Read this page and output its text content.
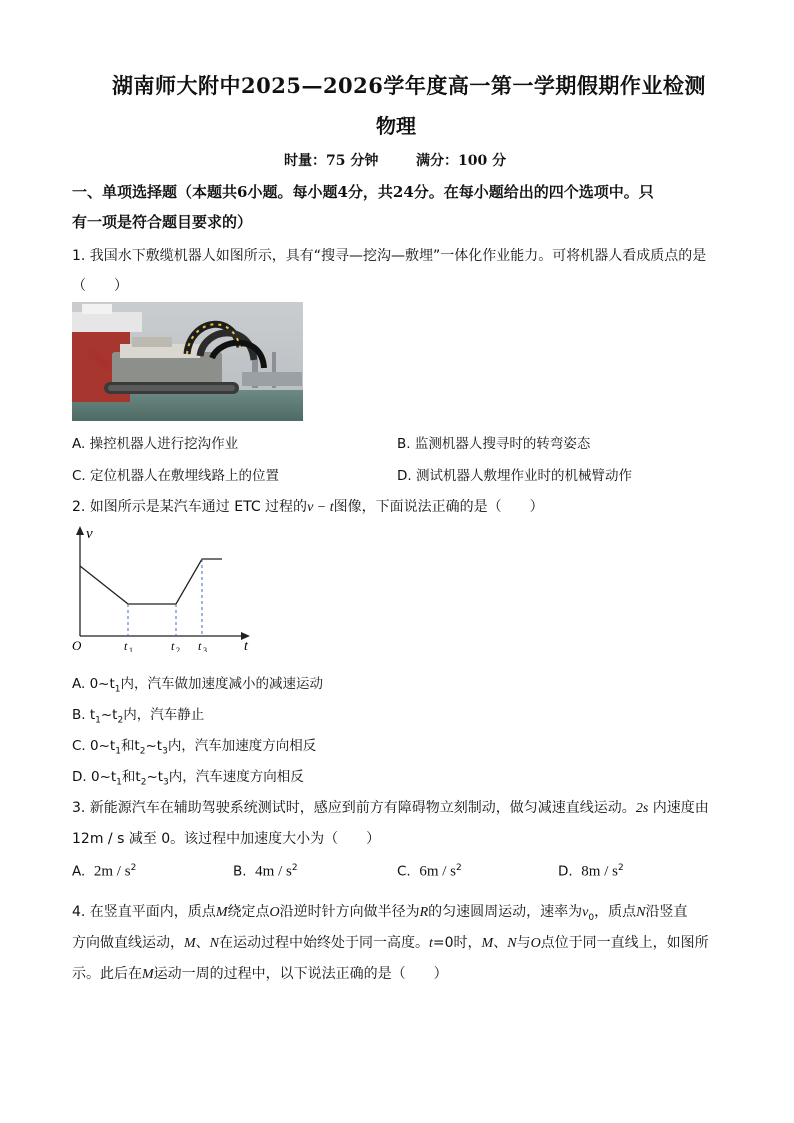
湖南师大附中2025—2026学年度高一第一学期假期作业检测
物理
时量：75 分钟	满分：100 分
一、单项选择题（本题共6小题。每小题4分，共24分。在每小题给出的四个选项中。只
有一项是符合题目要求的）
1. 我国水下敷缆机器人如图所示，具有“搜寻—挖沟—敷埋”一体化作业能力。可将机器人看成质点的是
（　　）
A. 操控机器人进行挖沟作业	B. 监测机器人搜寻时的转弯姿态
C. 定位机器人在敷埋线路上的位置	D. 测试机器人敷埋作业时的机械臂动作
2. 如图所示是某汽车通过 ETC 过程的v − t图像，下面说法正确的是（　　）
v
t
O	t 1	t 2 t 3
A. $0\sim t_1$内，汽车做加速度减小的减速运动
B. $t_1\sim t_2$内，汽车静止
C. $0\sim t_1$和$t_2\sim t_3$内，汽车加速度方向相反
D. $0\sim t_1$和$t_2\sim t_3$内，汽车速度方向相反
3. 新能源汽车在辅助驾驶系统测试时，感应到前方有障碍物立刻制动，做匀减速直线运动。2s 内速度由
12m / s 减至 0。该过程中加速度大小为（　　）
A. $2m / s^2$	B. $4m / s^2$	C. $6m / s^2$	D. $8m / s^2$
4. 在竖直平面内，质点M绕定点O沿逆时针方向做半径为R的匀速圆周运动，速率为$v_0$，质点N沿竖直
方向做直线运动，M、N在运动过程中始终处于同一高度。t=0时，M、N与O点位于同一直线上，如图所
示。此后在M运动一周的过程中，以下说法正确的是（　　）
